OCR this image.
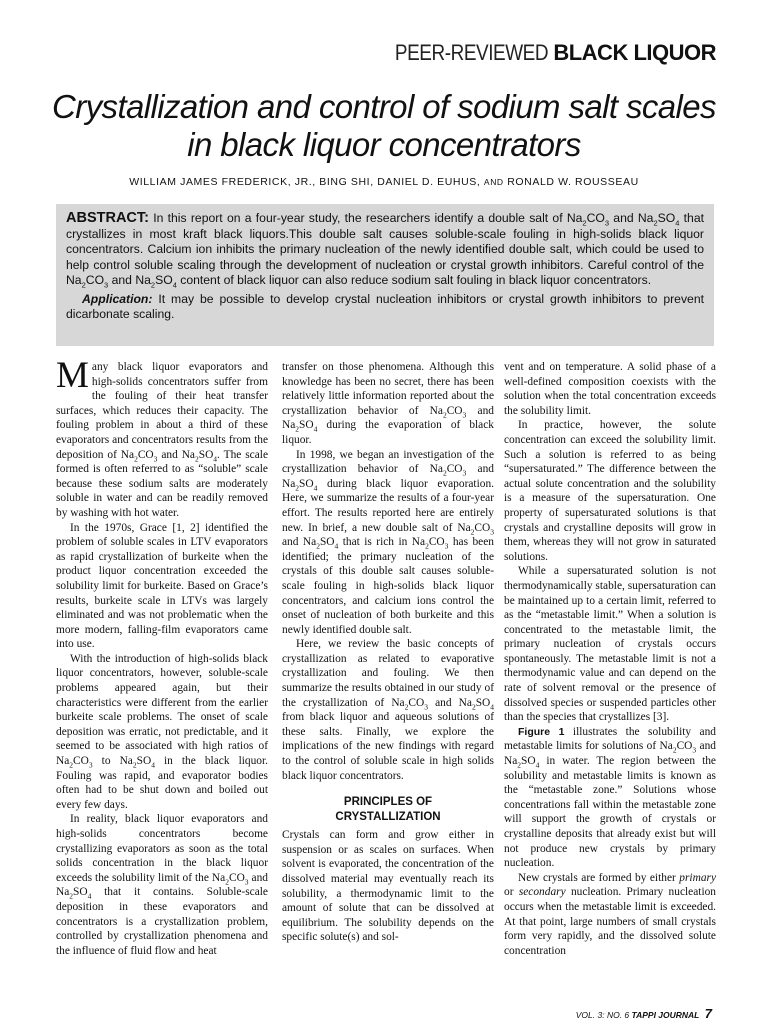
PEER-REVIEWED BLACK LIQUOR
Crystallization and control of sodium salt scales
in black liquor concentrators
WILLIAM JAMES FREDERICK, JR., BING SHI, DANIEL D. EUHUS, AND RONALD W. ROUSSEAU

ABSTRACT: In this report on a four-year study, the researchers identify a double salt of $Na_2CO_3$ and $Na_2SO_4$ that crystallizes in most kraft black liquors.This double salt causes soluble-scale fouling in high-solids black liquor concentrators. Calcium ion inhibits the primary nucleation of the newly identified double salt, which could be used to help control soluble scaling through the development of nucleation or crystal growth inhibitors. Careful control of the $Na_2CO_3$ and $Na_2SO_4$ content of black liquor can also reduce sodium salt fouling in black liquor concentrators.

Application: It may be possible to develop crystal nucleation inhibitors or crystal growth inhibitors to prevent dicarbonate scaling.

Many black liquor evaporators and high-solids concentrators suffer from the fouling of their heat transfer surfaces, which reduces their capacity. The fouling problem in about a third of these evaporators and concentrators results from the deposition of $Na_2CO_3$ and $Na_2SO_4$. The scale formed is often referred to as “soluble” scale because these sodium salts are moderately soluble in water and can be readily removed by washing with hot water.

In the 1970s, Grace [1, 2] identified the problem of soluble scales in LTV evaporators as rapid crystallization of burkeite when the product liquor concentration exceeded the solubility limit for burkeite. Based on Grace’s results, burkeite scale in LTVs was largely eliminated and was not problematic when the more modern, falling-film evaporators came into use.

With the introduction of high-solids black liquor concentrators, however, soluble-scale problems appeared again, but their characteristics were different from the earlier burkeite scale problems. The onset of scale deposition was erratic, not predictable, and it seemed to be associated with high ratios of $Na_2CO_3$ to $Na_2SO_4$ in the black liquor. Fouling was rapid, and evaporator bodies often had to be shut down and boiled out every few days.

In reality, black liquor evaporators and high-solids concentrators become crystallizing evaporators as soon as the total solids concentration in the black liquor exceeds the solubility limit of the $Na_2CO_3$ and $Na_2SO_4$ that it contains. Soluble-scale deposition in these evaporators and concentrators is a crystallization problem, controlled by crystallization phenomena and the influence of fluid flow and heat

transfer on those phenomena. Although this knowledge has been no secret, there has been relatively little information reported about the crystallization behavior of $Na_2CO_3$ and $Na_2SO_4$ during the evaporation of black liquor.

In 1998, we began an investigation of the crystallization behavior of $Na_2CO_3$ and $Na_2SO_4$ during black liquor evaporation. Here, we summarize the results of a four-year effort. The results reported here are entirely new. In brief, a new double salt of $Na_2CO_3$ and $Na_2SO_4$ that is rich in $Na_2CO_3$ has been identified; the primary nucleation of the crystals of this double salt causes soluble-scale fouling in high-solids black liquor concentrators, and calcium ions control the onset of nucleation of both burkeite and this newly identified double salt.

Here, we review the basic concepts of crystallization as related to evaporative crystallization and fouling. We then summarize the results obtained in our study of the crystallization of $Na_2CO_3$ and $Na_2SO_4$ from black liquor and aqueous solutions of these salts. Finally, we explore the implications of the new findings with regard to the control of soluble scale in high solids black liquor concentrators.

PRINCIPLES OF
CRYSTALLIZATION

Crystals can form and grow either in suspension or as scales on surfaces. When solvent is evaporated, the concentration of the dissolved material may eventually reach its solubility, a thermodynamic limit to the amount of solute that can be dissolved at equilibrium. The solubility depends on the specific solute(s) and sol-

vent and on temperature. A solid phase of a well-defined composition coexists with the solution when the total concentration exceeds the solubility limit.

In practice, however, the solute concentration can exceed the solubility limit. Such a solution is referred to as being “supersaturated.” The difference between the actual solute concentration and the solubility is a measure of the supersaturation. One property of supersaturated solutions is that crystals and crystalline deposits will grow in them, whereas they will not grow in saturated solutions.

While a supersaturated solution is not thermodynamically stable, supersaturation can be maintained up to a certain limit, referred to as the “metastable limit.” When a solution is concentrated to the metastable limit, the primary nucleation of crystals occurs spontaneously. The metastable limit is not a thermodynamic value and can depend on the rate of solvent removal or the presence of dissolved species or suspended particles other than the species that crystallizes [3].

Figure 1 illustrates the solubility and metastable limits for solutions of $Na_2CO_3$ and $Na_2SO_4$ in water. The region between the solubility and metastable limits is known as the “metastable zone.” Solutions whose concentrations fall within the metastable zone will support the growth of crystals or crystalline deposits that already exist but will not produce new crystals by primary nucleation.

New crystals are formed by either primary or secondary nucleation. Primary nucleation occurs when the metastable limit is exceeded. At that point, large numbers of small crystals form very rapidly, and the dissolved solute concentration

VOL. 3: NO. 6 TAPPI JOURNAL 7
